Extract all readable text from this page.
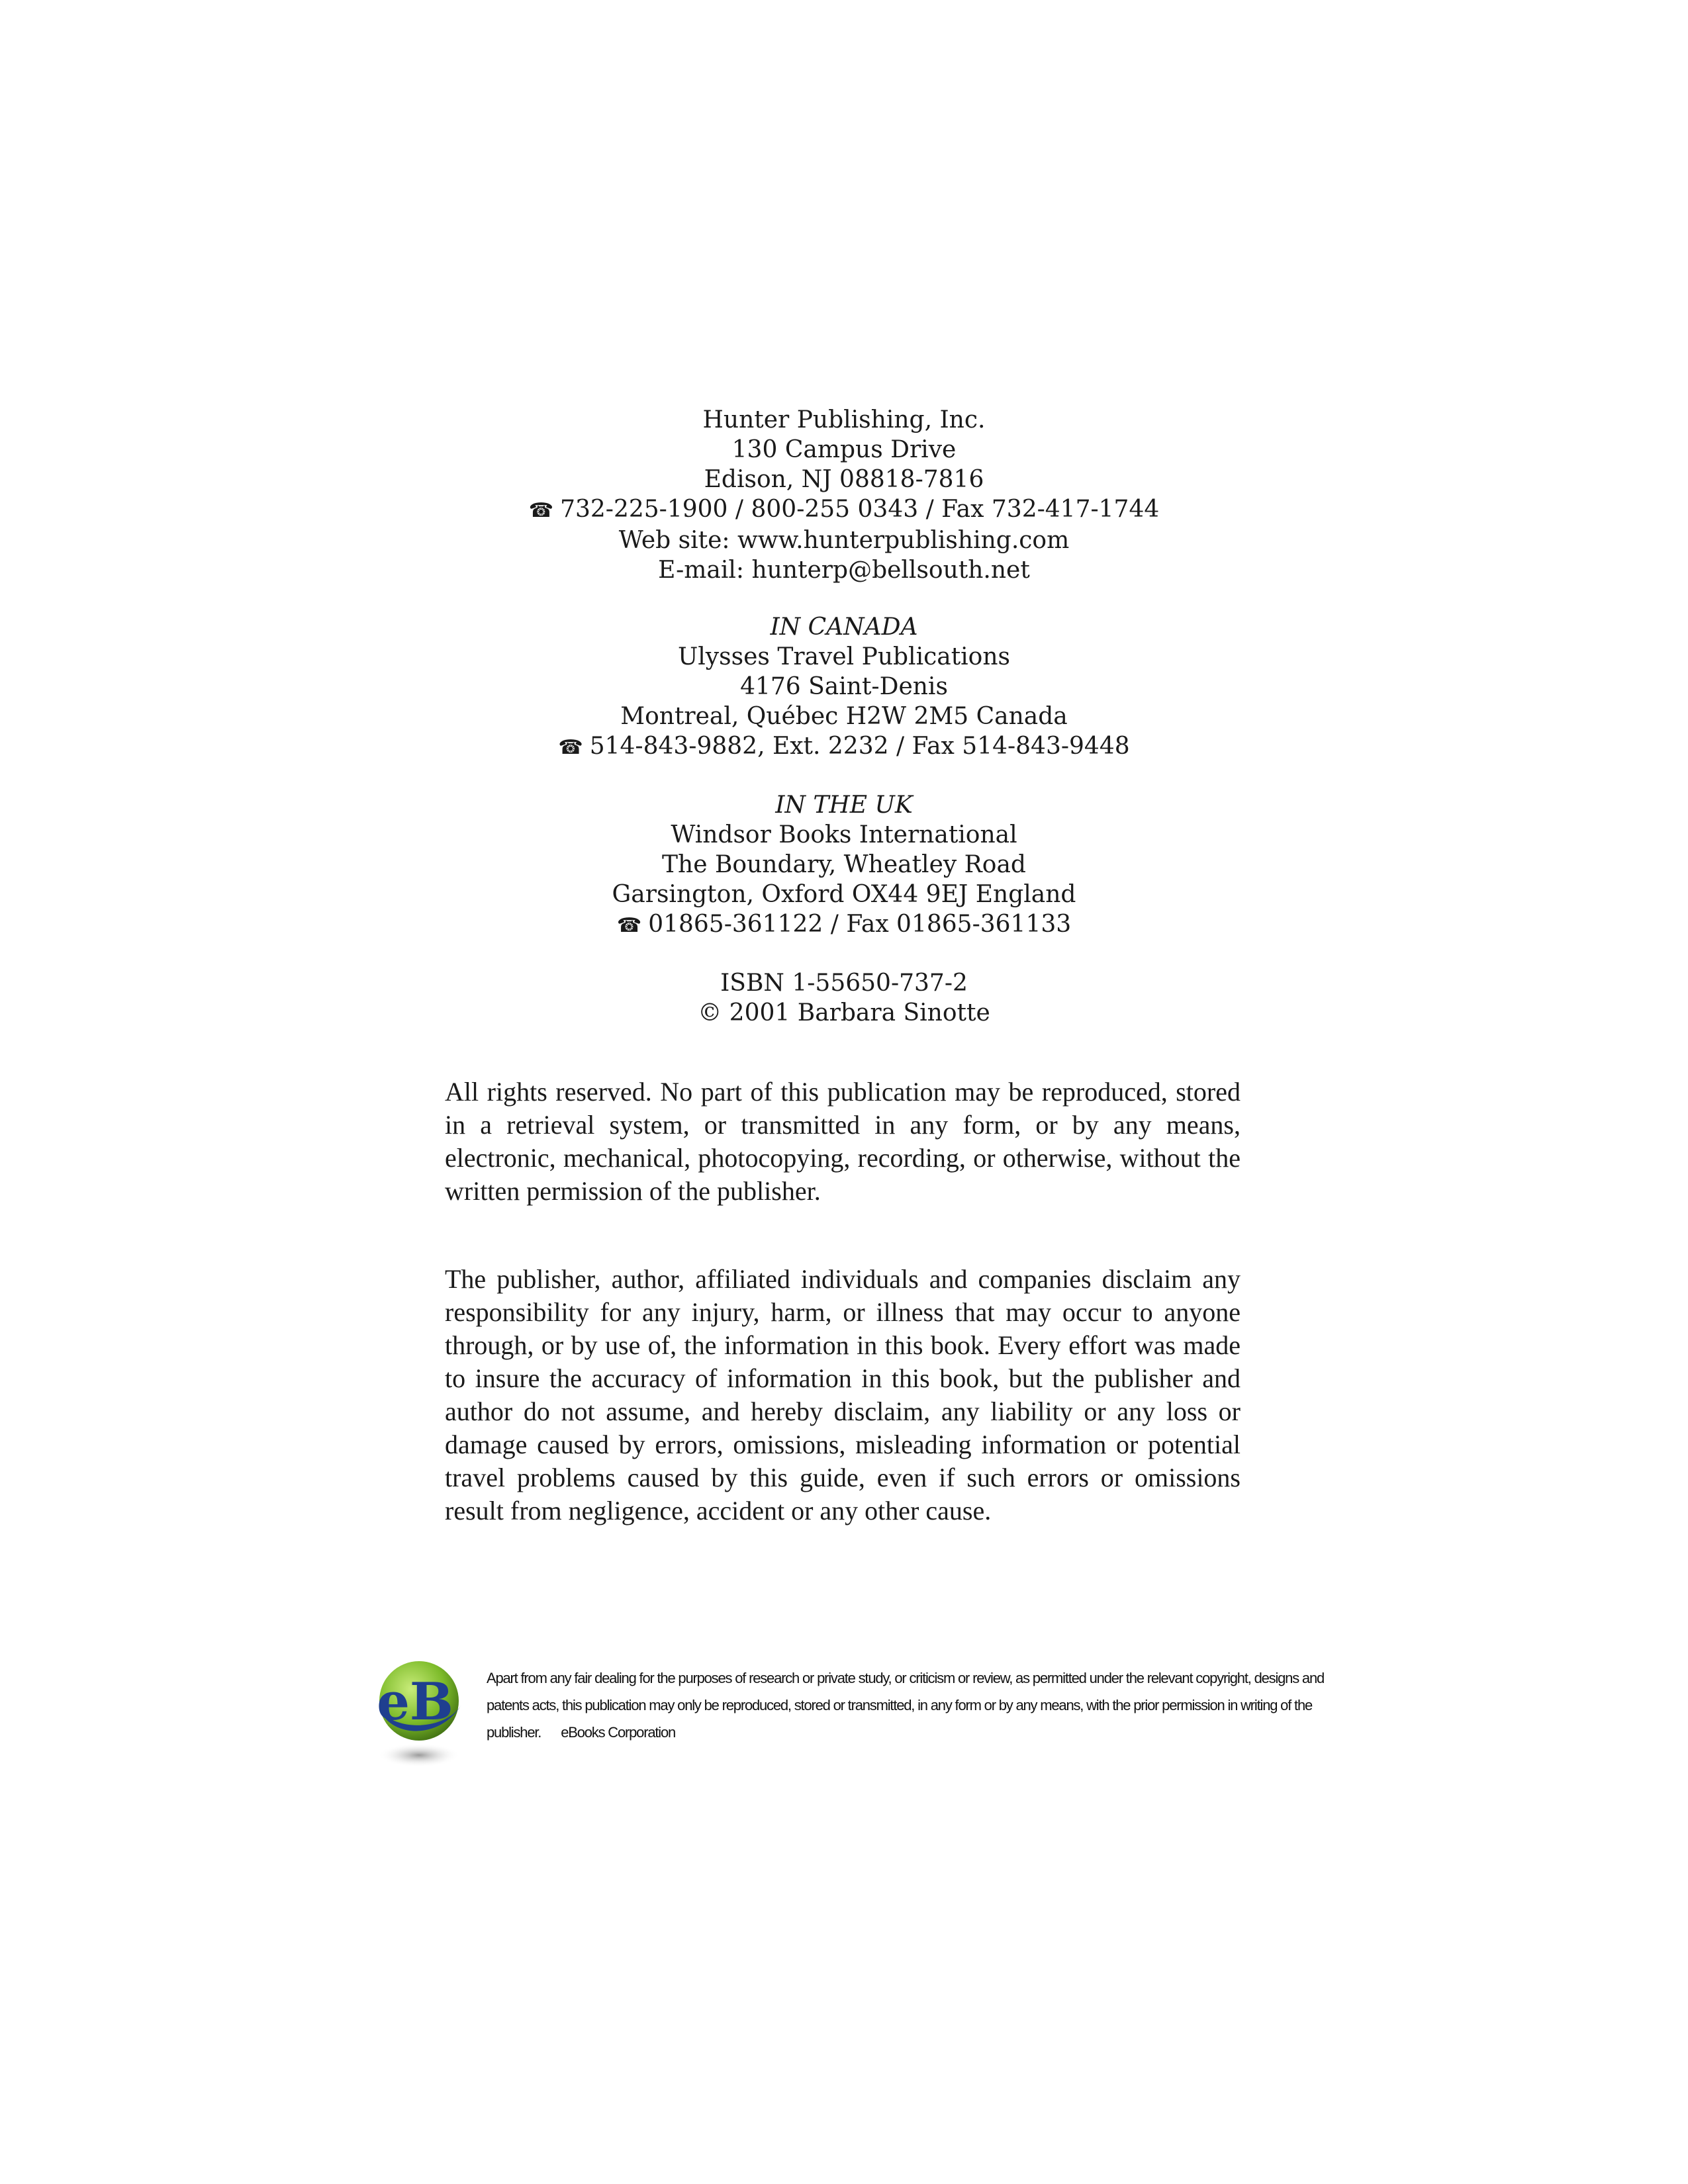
Hunter Publishing, Inc.
130 Campus Drive
Edison, NJ 08818-7816
☎ 732-225-1900 / 800-255 0343 / Fax 732-417-1744
Web site: www.hunterpublishing.com
E-mail: hunterp@bellsouth.net
IN CANADA
Ulysses Travel Publications
4176 Saint-Denis
Montreal, Québec H2W 2M5 Canada
☎ 514-843-9882, Ext. 2232 / Fax 514-843-9448
IN THE UK
Windsor Books International
The Boundary, Wheatley Road
Garsington, Oxford OX44 9EJ England
☎ 01865-361122 / Fax 01865-361133
ISBN 1-55650-737-2
© 2001 Barbara Sinotte

All rights reserved. No part of this publication may be reproduced, stored in a retrieval system, or transmitted in any form, or by any means, electronic, mechanical, photocopying, recording, or otherwise, without the written permission of the publisher.

The publisher, author, affiliated individuals and companies disclaim any responsibility for any injury, harm, or illness that may occur to anyone through, or by use of, the information in this book. Every effort was made to insure the accuracy of information in this book, but the publisher and author do not assume, and hereby disclaim, any liability or any loss or damage caused by errors, omissions, misleading information or potential travel problems caused by this guide, even if such errors or omissions result from negligence, accident or any other cause.

eB Apart from any fair dealing for the purposes of research or private study, or criticism or review, as permitted under the relevant copyright, designs and patents acts, this publication may only be reproduced, stored or transmitted, in any form or by any means, with the prior permission in writing of the publisher. eBooks Corporation
